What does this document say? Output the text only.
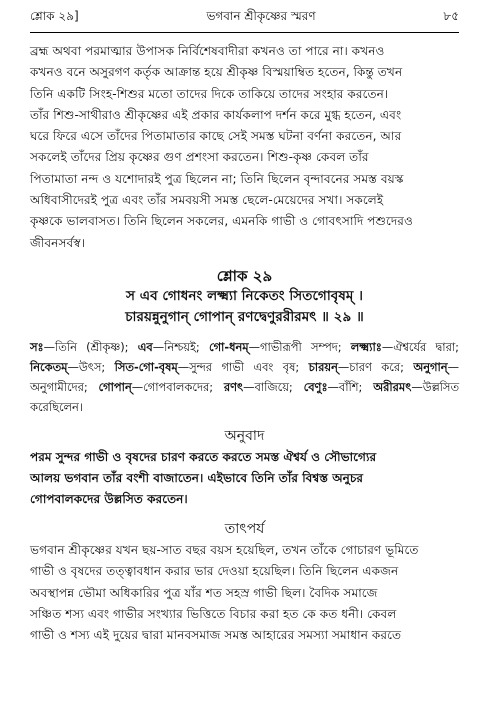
শ্লোক ২৯]	ভগবান শ্রীকৃষ্ণের স্মরণ	৮৫
ব্রহ্ম অথবা পরমাত্মার উপাসক নির্বিশেষবাদীরা কখনও তা পারে না। কখনও
কখনও বনে অসুরগণ কর্তৃক আক্রান্ত হয়ে শ্রীকৃষ্ণ বিস্ময়াম্বিত হতেন, কিন্তু তখন
তিনি একটি সিংহ-শিশুর মতো তাদের দিকে তাকিয়ে তাদের সংহার করতেন।
তাঁর শিশু-সাথীরাও শ্রীকৃষ্ণের এই প্রকার কার্যকলাপ দর্শন করে মুগ্ধ হতেন, এবং
ঘরে ফিরে এসে তাঁদের পিতামাতার কাছে সেই সমস্ত ঘটনা বর্ণনা করতেন, আর
সকলেই তাঁদের প্রিয় কৃষ্ণের গুণ প্রশংসা করতেন। শিশু-কৃষ্ণ কেবল তাঁর
পিতামাতা নন্দ ও যশোদারই পুত্র ছিলেন না; তিনি ছিলেন বৃন্দাবনের সমস্ত বয়স্ক
অধিবাসীদেরই পুত্র এবং তাঁর সমবয়সী সমস্ত ছেলে-মেয়েদের সখা। সকলেই
কৃষ্ণকে ভালবাসত। তিনি ছিলেন সকলের, এমনকি গাভী ও গোবৎসাদি পশুদেরও
জীবনসর্বস্ব।
শ্লোক ২৯
স এব গোধনং লক্ষ্ম্যা নিকেতং সিতগোবৃষম্ ।
চারয়ন্নুনুগান্ গোপান্ রণদ্বেণুররীরমৎ ॥ ২৯ ॥
সঃ—তিনি (শ্রীকৃষ্ণ); এব—নিশ্চয়ই; গো-ধনম্—গাভীরূপী সম্পদ; লক্ষ্ম্যাঃ—ঐশ্বর্যের দ্বারা; নিকেতম্—উৎস; সিত-গো-বৃষম্—সুন্দর গাভী এবং বৃষ; চারয়ন্—চারণ করে; অনুগান্—অনুগামীদের; গোপান্—গোপবালকদের; রণৎ—বাজিয়ে; বেণুঃ—বাঁশি; অরীরমৎ—উল্লসিত করেছিলেন।
অনুবাদ
পরম সুন্দর গাভী ও বৃষদের চারণ করতে করতে সমস্ত ঐশ্বর্য ও সৌভাগ্যের
আলয় ভগবান তাঁর বংশী বাজাতেন। এইভাবে তিনি তাঁর বিশ্বস্ত অনুচর
গোপবালকদের উল্লসিত করতেন।
তাৎপর্য
ভগবান শ্রীকৃষ্ণের যখন ছয়-সাত বছর বয়স হয়েছিল, তখন তাঁকে গোচারণ ভূমিতে
গাভী ও বৃষদের তত্ত্বাবধান করার ভার দেওয়া হয়েছিল। তিনি ছিলেন একজন
অবস্থাপন্ন ভৌমা অধিকারির পুত্র যাঁর শত সহস্র গাভী ছিল। বৈদিক সমাজে
সঞ্চিত শস্য এবং গাভীর সংখ্যার ভিত্তিতে বিচার করা হত কে কত ধনী। কেবল
গাভী ও শস্য এই দুয়ের দ্বারা মানবসমাজ সমস্ত আহারের সমস্যা সমাধান করতে
